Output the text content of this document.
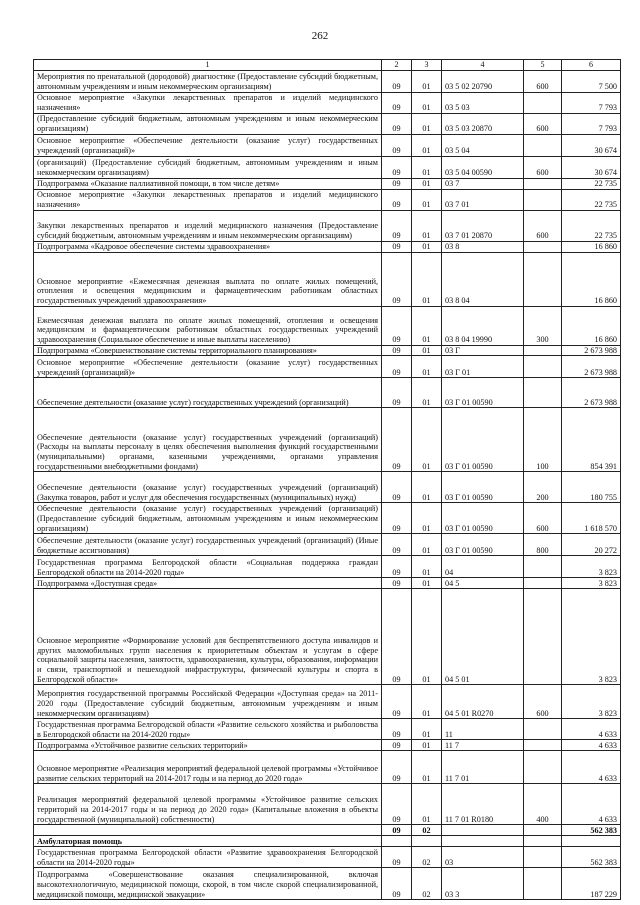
262
1	2	3	4	5	6
Мероприятия по пренатальной (дородовой) диагностике (Предоставление субсидий бюджетным, автономным учреждениям и иным некоммерческим организациям)	09	01	03 5 02 20790	600	7 500
Основное мероприятие «Закупки лекарственных препаратов и изделий медицинского назначения»	09	01	03 5 03		7 793
(Предоставление субсидий бюджетным, автономным учреждениям и иным некоммерческим организациям)	09	01	03 5 03 20870	600	7 793
Основное мероприятие «Обеспечение деятельности (оказание услуг) государственных учреждений (организаций)»	09	01	03 5 04		30 674
(организаций) (Предоставление субсидий бюджетным, автономным учреждениям и иным некоммерческим организациям)	09	01	03 5 04 00590	600	30 674
Подпрограмма «Оказание паллиативной помощи, в том числе детям»	09	01	03 7		22 735
Основное мероприятие «Закупки лекарственных препаратов и изделий медицинского назначения»	09	01	03 7 01		22 735
Закупки лекарственных препаратов и изделий медицинского назначения (Предоставление субсидий бюджетным, автономным учреждениям и иным некоммерческим организациям)	09	01	03 7 01 20870	600	22 735
Подпрограмма «Кадровое обеспечение системы здравоохранения»	09	01	03 8		16 860
Основное мероприятие «Ежемесячная денежная выплата по оплате жилых помещений, отопления и освещения медицинским и фармацевтическим работникам областных государственных учреждений здравоохранения»	09	01	03 8 04		16 860
Ежемесячная денежная выплата по оплате жилых помещений, отопления и освещения медицинским и фармацевтическим работникам областных государственных учреждений здравоохранения (Социальное обеспечение и иные выплаты населению)	09	01	03 8 04 19990	300	16 860
Подпрограмма «Совершенствование системы территориального планирования»	09	01	03 Г		2 673 988
Основное мероприятие «Обеспечение деятельности (оказание услуг) государственных учреждений (организаций)»	09	01	03 Г 01		2 673 988
Обеспечение деятельности (оказание услуг) государственных учреждений (организаций)	09	01	03 Г 01 00590		2 673 988
Обеспечение деятельности (оказание услуг) государственных учреждений (организаций) (Расходы на выплаты персоналу в целях обеспечения выполнения функций государственными (муниципальными) органами, казенными учреждениями, органами управления государственными внебюджетными фондами)	09	01	03 Г 01 00590	100	854 391
Обеспечение деятельности (оказание услуг) государственных учреждений (организаций) (Закупка товаров, работ и услуг для обеспечения государственных (муниципальных) нужд)	09	01	03 Г 01 00590	200	180 755
Обеспечение деятельности (оказание услуг) государственных учреждений (организаций) (Предоставление субсидий бюджетным, автономным учреждениям и иным некоммерческим организациям)	09	01	03 Г 01 00590	600	1 618 570
Обеспечение деятельности (оказание услуг) государственных учреждений (организаций) (Иные бюджетные ассигнования)	09	01	03 Г 01 00590	800	20 272
Государственная программа Белгородской области «Социальная поддержка граждан Белгородской области на 2014-2020 годы»	09	01	04		3 823
Подпрограмма «Доступная среда»	09	01	04 5		3 823
Основное мероприятие «Формирование условий для беспрепятственного доступа инвалидов и других маломобильных групп населения к приоритетным объектам и услугам в сфере социальной защиты населения, занятости, здравоохранения, культуры, образования, информации и связи, транспортной и пешеходной инфраструктуры, физической культуры и спорта в Белгородской области»	09	01	04 5 01		3 823
Мероприятия государственной программы Российской Федерации «Доступная среда» на 2011-2020 годы (Предоставление субсидий бюджетным, автономным учреждениям и иным некоммерческим организациям)	09	01	04 5 01 R0270	600	3 823
Государственная программа Белгородской области «Развитие сельского хозяйства и рыболовства в Белгородской области на 2014-2020 годы»	09	01	11		4 633
Подпрограмма «Устойчивое развитие сельских территорий»	09	01	11 7		4 633
Основное мероприятие «Реализация мероприятий федеральной целевой программы «Устойчивое развитие сельских территорий на 2014-2017 годы и на период до 2020 года»	09	01	11 7 01		4 633
Реализация мероприятий федеральной целевой программы «Устойчивое развитие сельских территорий на 2014-2017 годы и на период до 2020 года» (Капитальные вложения в объекты государственной (муниципальной) собственности)	09	01	11 7 01 R0180	400	4 633
	09	02			562 383
Амбулаторная помощь					
Государственная программа Белгородской области «Развитие здравоохранения Белгородской области на 2014-2020 годы»	09	02	03		562 383
Подпрограмма «Совершенствование оказания специализированной, включая высокотехнологичную, медицинской помощи, скорой, в том числе скорой специализированной, медицинской помощи, медицинской эвакуации»	09	02	03 3		187 229
